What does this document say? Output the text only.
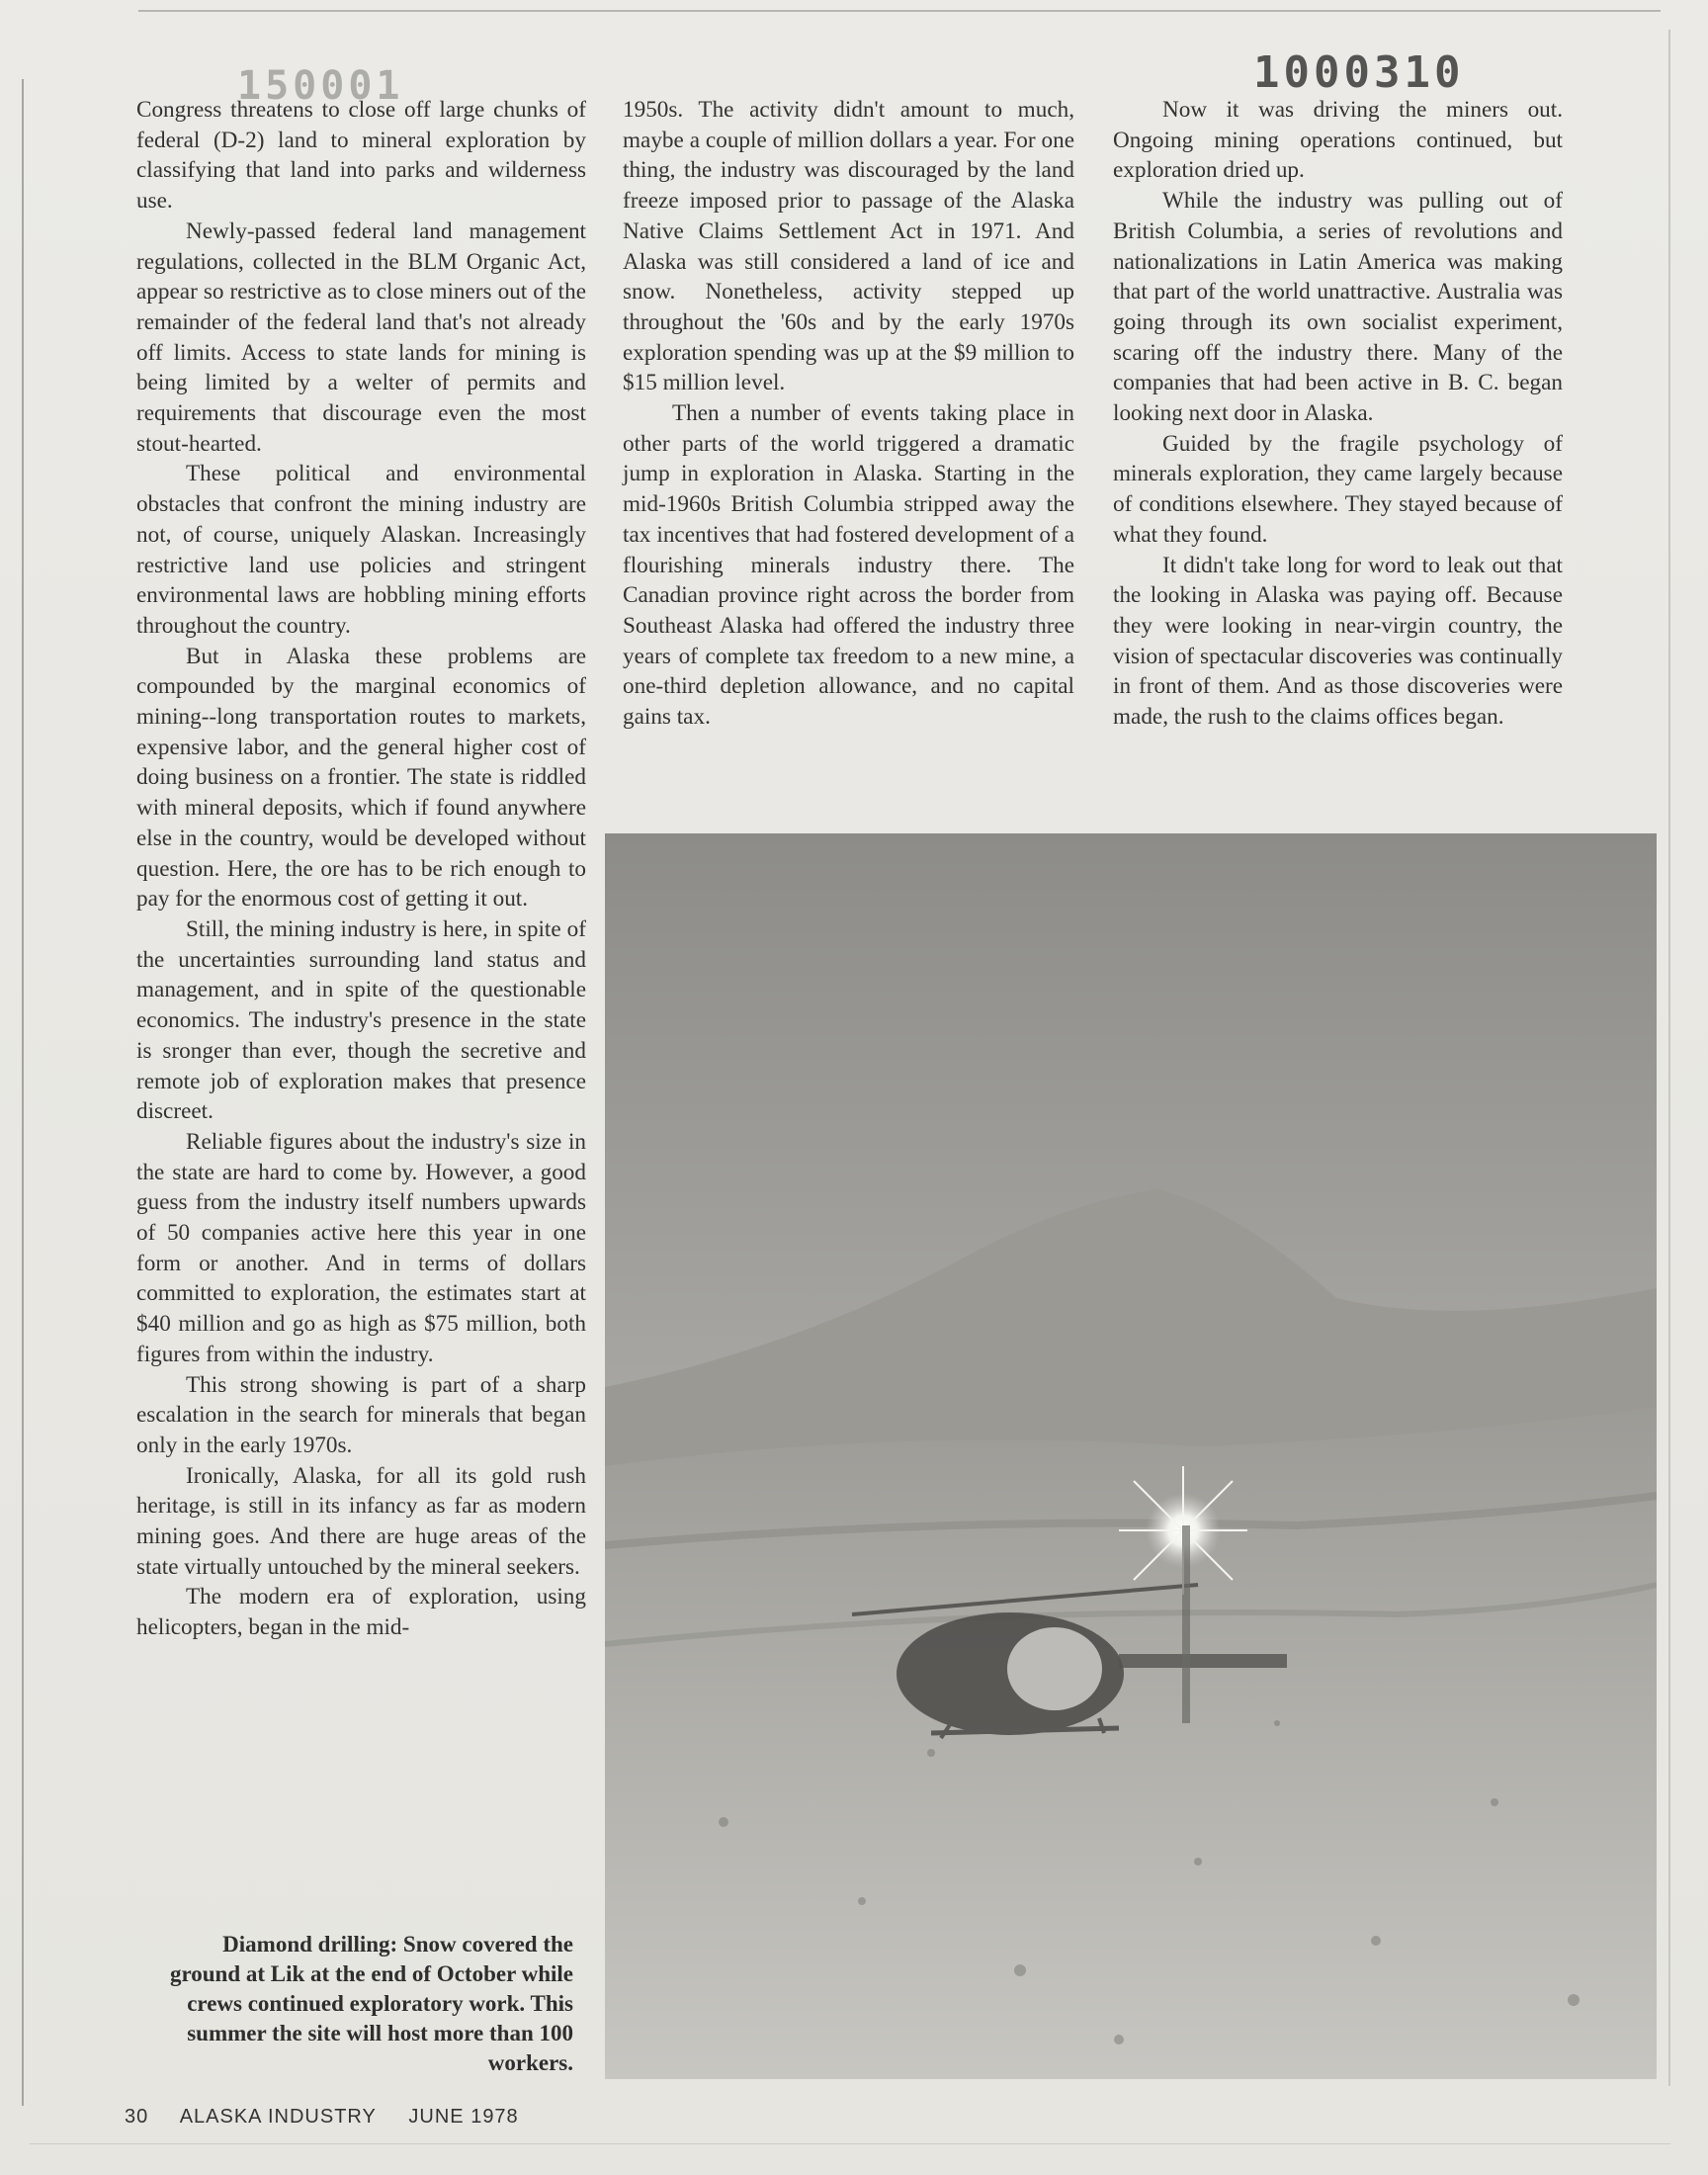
150001	1000310

Congress threatens to close off large chunks of federal (D-2) land to mineral exploration by classifying that land into parks and wilderness use.

Newly-passed federal land management regulations, collected in the BLM Organic Act, appear so restrictive as to close miners out of the remainder of the federal land that's not already off limits. Access to state lands for mining is being limited by a welter of permits and requirements that discourage even the most stout-hearted.

These political and environmental obstacles that confront the mining industry are not, of course, uniquely Alaskan. Increasingly restrictive land use policies and stringent environmental laws are hobbling mining efforts throughout the country.

But in Alaska these problems are compounded by the marginal economics of mining--long transportation routes to markets, expensive labor, and the general higher cost of doing business on a frontier. The state is riddled with mineral deposits, which if found anywhere else in the country, would be developed without question. Here, the ore has to be rich enough to pay for the enormous cost of getting it out.

Still, the mining industry is here, in spite of the uncertainties surrounding land status and management, and in spite of the questionable economics. The industry's presence in the state is sronger than ever, though the secretive and remote job of exploration makes that presence discreet.

Reliable figures about the industry's size in the state are hard to come by. However, a good guess from the industry itself numbers upwards of 50 companies active here this year in one form or another. And in terms of dollars committed to exploration, the estimates start at $40 million and go as high as $75 million, both figures from within the industry.

This strong showing is part of a sharp escalation in the search for minerals that began only in the early 1970s.

Ironically, Alaska, for all its gold rush heritage, is still in its infancy as far as modern mining goes. And there are huge areas of the state virtually untouched by the mineral seekers.

The modern era of exploration, using helicopters, began in the mid-

1950s. The activity didn't amount to much, maybe a couple of million dollars a year. For one thing, the industry was discouraged by the land freeze imposed prior to passage of the Alaska Native Claims Settlement Act in 1971. And Alaska was still considered a land of ice and snow. Nonetheless, activity stepped up throughout the '60s and by the early 1970s exploration spending was up at the $9 million to $15 million level.

Then a number of events taking place in other parts of the world triggered a dramatic jump in exploration in Alaska. Starting in the mid-1960s British Columbia stripped away the tax incentives that had fostered development of a flourishing minerals industry there. The Canadian province right across the border from Southeast Alaska had offered the industry three years of complete tax freedom to a new mine, a one-third depletion allowance, and no capital gains tax.

Now it was driving the miners out. Ongoing mining operations continued, but exploration dried up.

While the industry was pulling out of British Columbia, a series of revolutions and nationalizations in Latin America was making that part of the world unattractive. Australia was going through its own socialist experiment, scaring off the industry there. Many of the companies that had been active in B. C. began looking next door in Alaska.

Guided by the fragile psychology of minerals exploration, they came largely because of conditions elsewhere. They stayed because of what they found.

It didn't take long for word to leak out that the looking in Alaska was paying off. Because they were looking in near-virgin country, the vision of spectacular discoveries was continually in front of them. And as those discoveries were made, the rush to the claims offices began.

Diamond drilling: Snow covered the ground at Lik at the end of October while crews continued exploratory work. This summer the site will host more than 100 workers.
30 ALASKA INDUSTRY JUNE 1978
